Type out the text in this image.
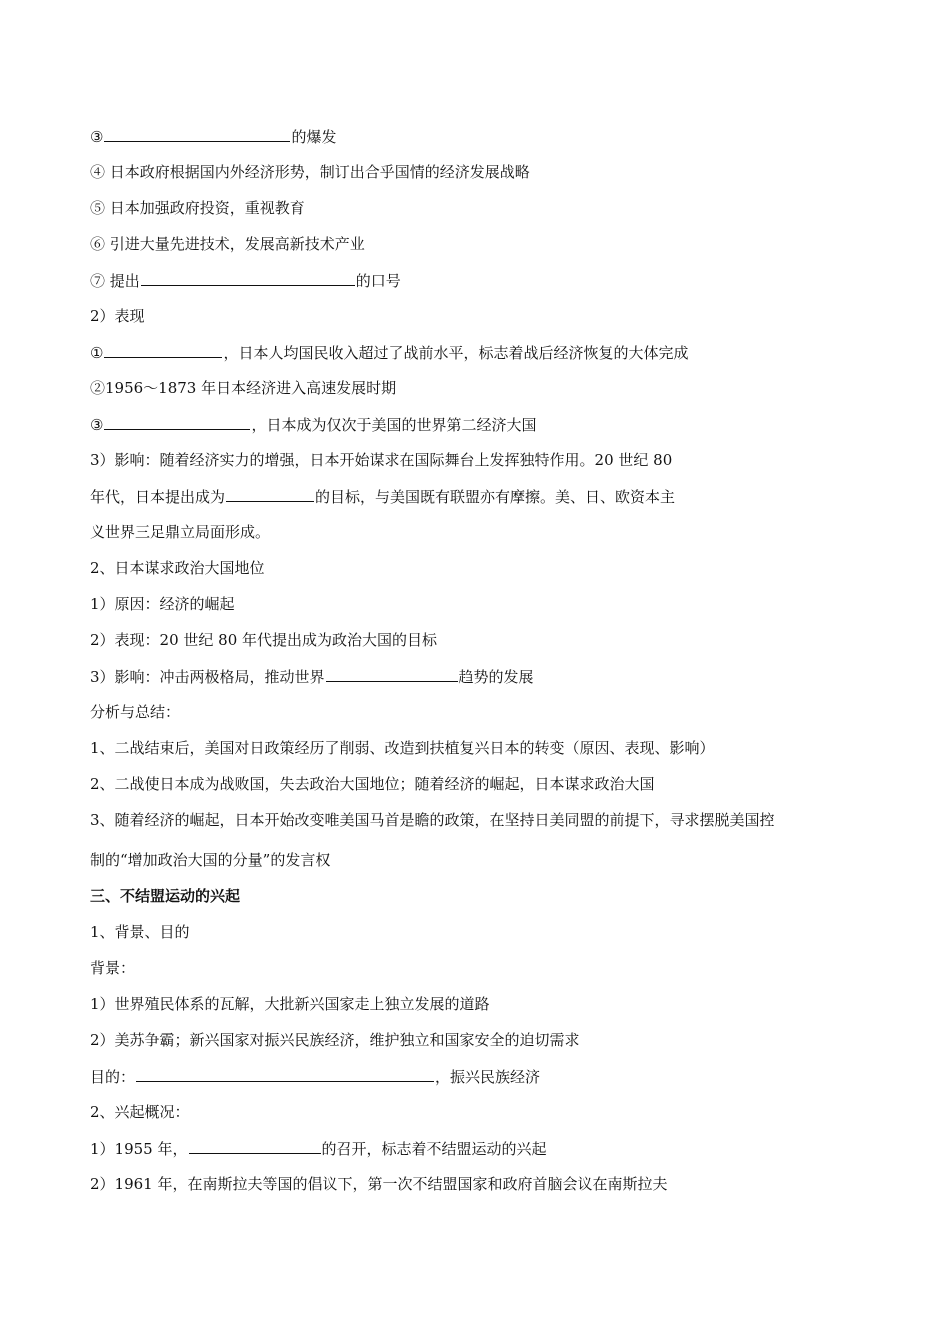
③	的爆发
④ 日本政府根据国内外经济形势，制订出合乎国情的经济发展战略
⑤ 日本加强政府投资，重视教育
⑥ 引进大量先进技术，发展高新技术产业
⑦ 提出	的口号
2）表现
①	，日本人均国民收入超过了战前水平，标志着战后经济恢复的大体完成
②1956～1873 年日本经济进入高速发展时期
③	，日本成为仅次于美国的世界第二经济大国
3）影响：随着经济实力的增强，日本开始谋求在国际舞台上发挥独特作用。20 世纪 80
年代，日本提出成为	的目标，与美国既有联盟亦有摩擦。美、日、欧资本主
义世界三足鼎立局面形成。
2、日本谋求政治大国地位
1）原因：经济的崛起
2）表现：20 世纪 80 年代提出成为政治大国的目标
3）影响：冲击两极格局，推动世界	趋势的发展
分析与总结：
1、二战结束后，美国对日政策经历了削弱、改造到扶植复兴日本的转变（原因、表现、影响）
2、二战使日本成为战败国，失去政治大国地位；随着经济的崛起，日本谋求政治大国
3、随着经济的崛起，日本开始改变唯美国马首是瞻的政策，在坚持日美同盟的前提下，寻求摆脱美国控
制的“增加政治大国的分量”的发言权
三、不结盟运动的兴起
1、背景、目的
背景：
1）世界殖民体系的瓦解，大批新兴国家走上独立发展的道路
2）美苏争霸；新兴国家对振兴民族经济，维护独立和国家安全的迫切需求
目的：	，振兴民族经济
2、兴起概况：
1）1955 年，	的召开，标志着不结盟运动的兴起
2）1961 年，在南斯拉夫等国的倡议下，第一次不结盟国家和政府首脑会议在南斯拉夫
